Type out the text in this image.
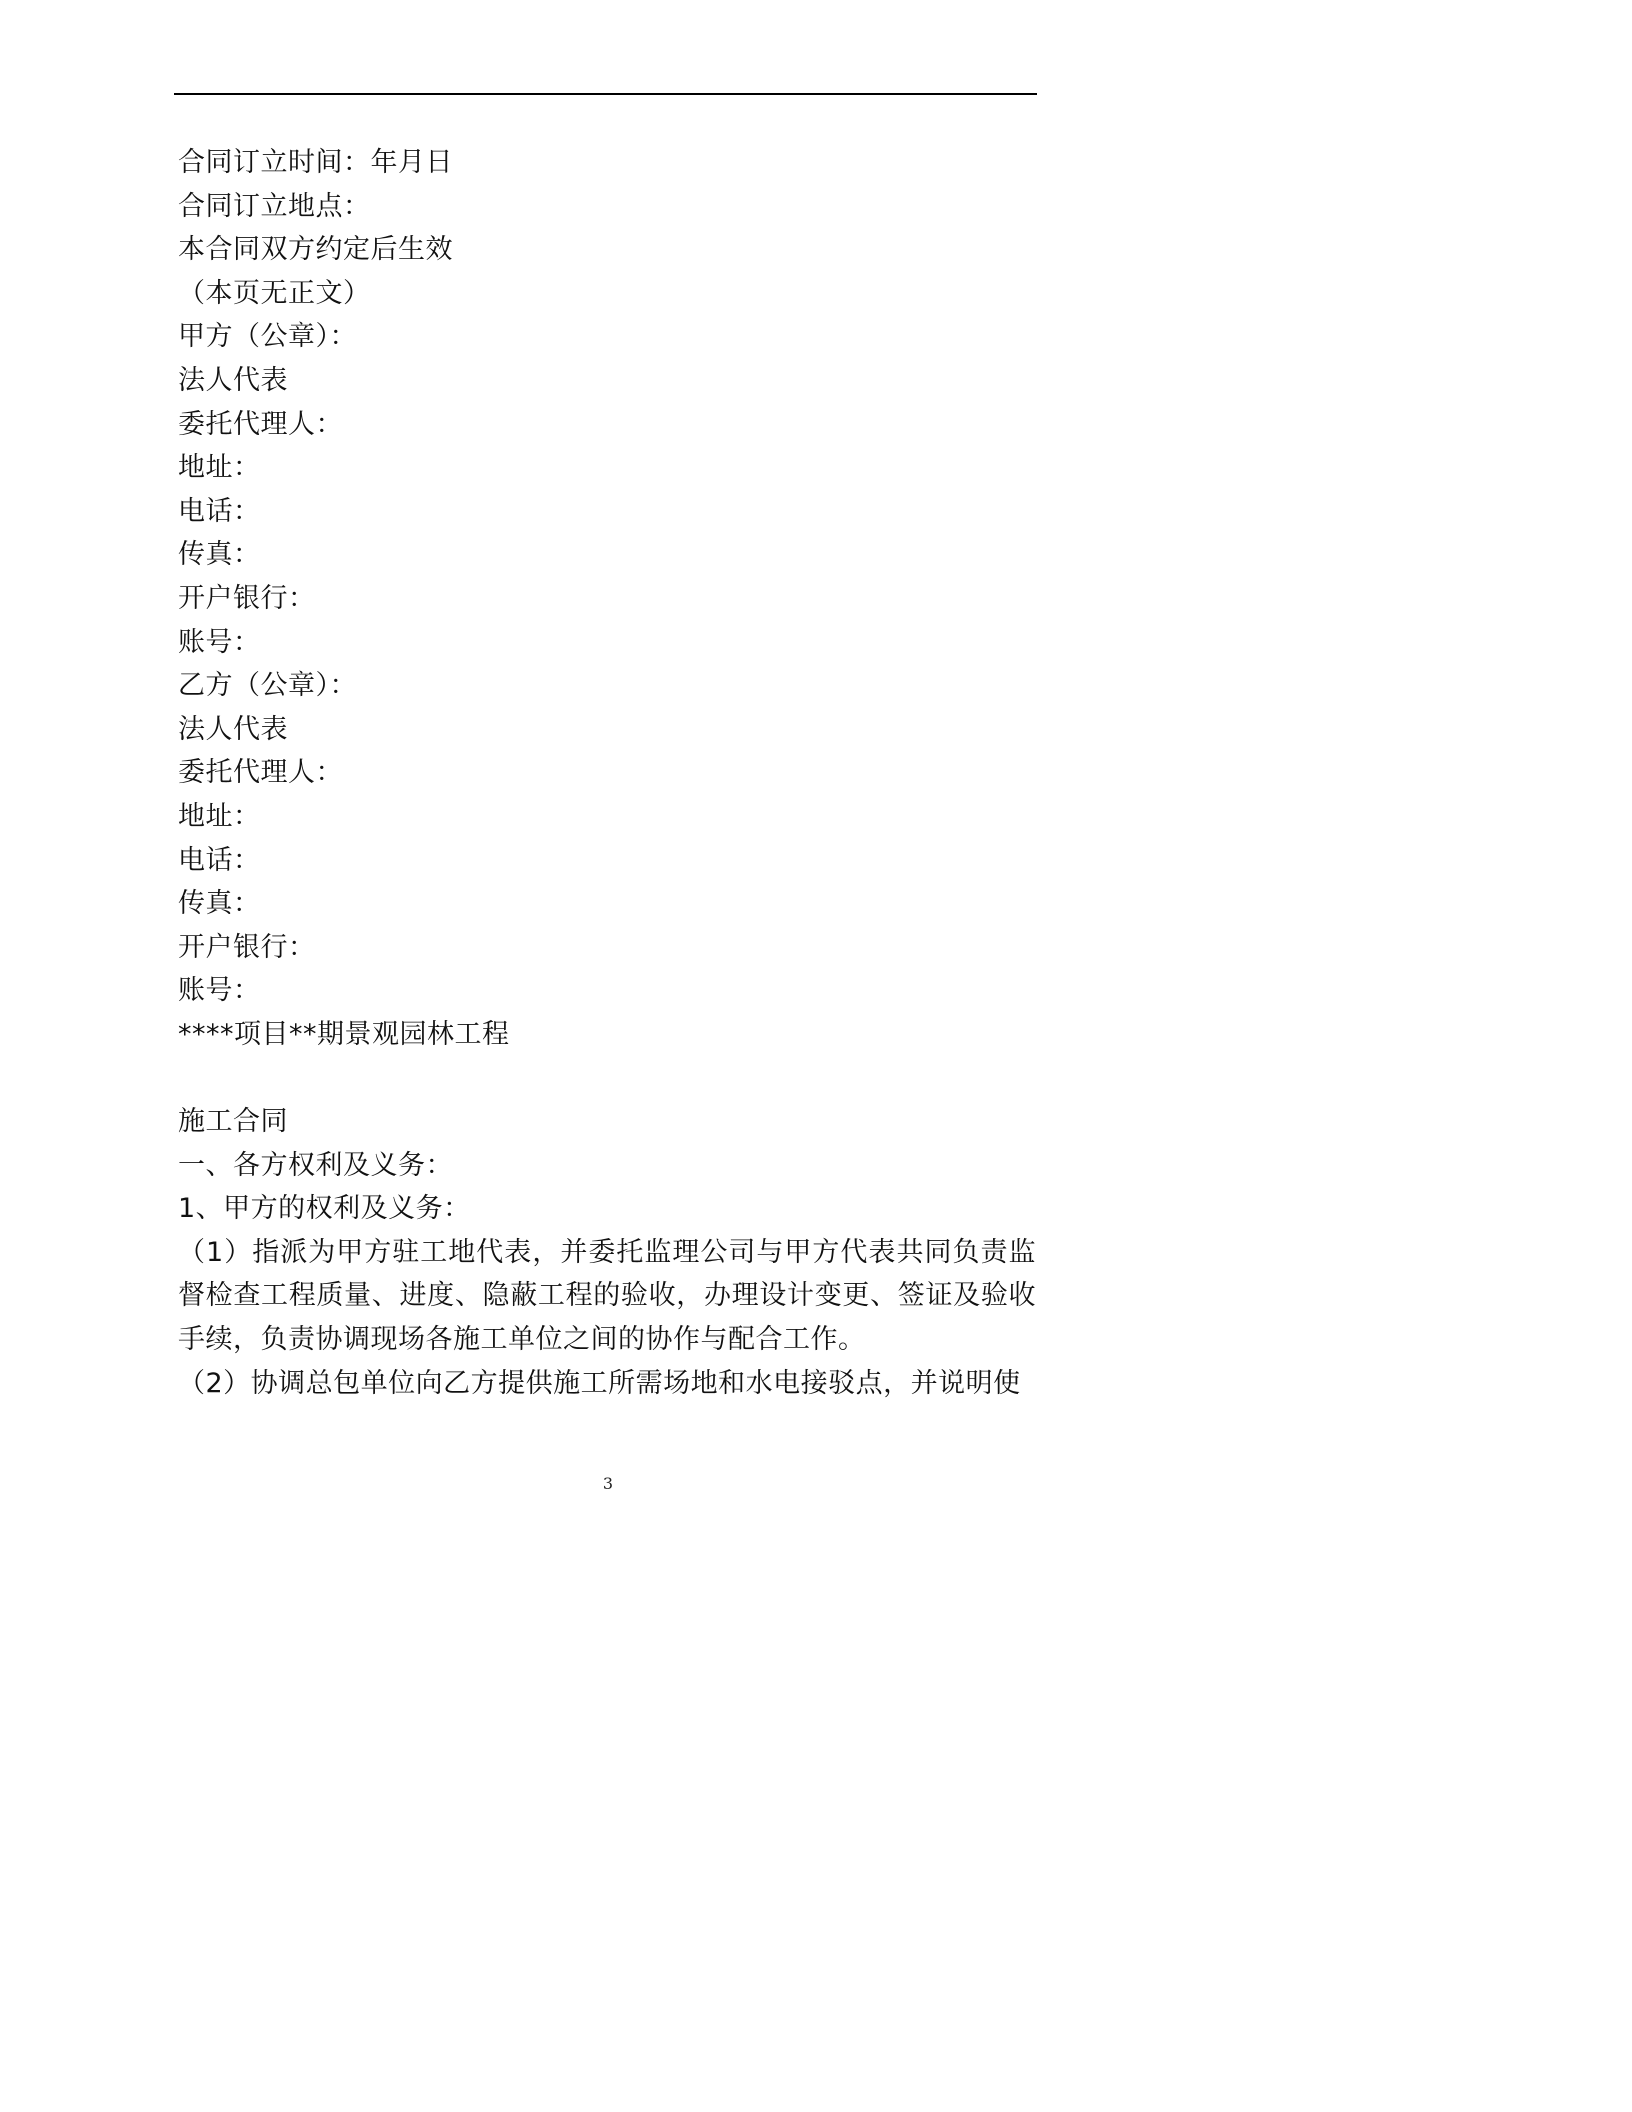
合同订立时间：年月日
合同订立地点：
本合同双方约定后生效
（本页无正文）
甲方（公章）：
法人代表
委托代理人：
地址：
电话：
传真：
开户银行：
账号：
乙方（公章）：
法人代表
委托代理人：
地址：
电话：
传真：
开户银行：
账号：
****项目**期景观园林工程
施工合同
一、各方权利及义务：
1、甲方的权利及义务：
（1）指派为甲方驻工地代表，并委托监理公司与甲方代表共同负责监督检查工程质量、进度、隐蔽工程的验收，办理设计变更、签证及验收手续，负责协调现场各施工单位之间的协作与配合工作。
（2）协调总包单位向乙方提供施工所需场地和水电接驳点，并说明使
3
